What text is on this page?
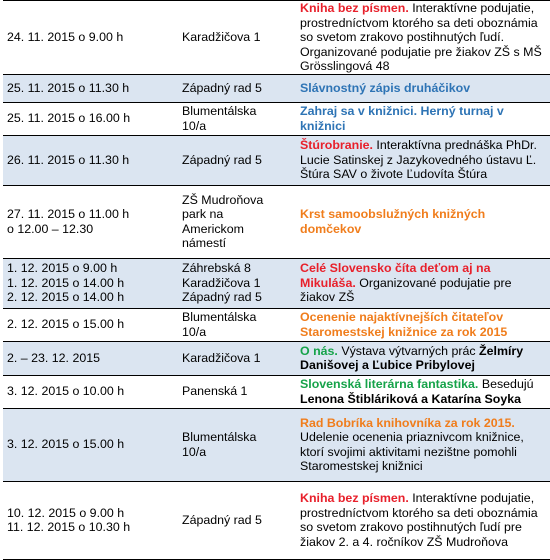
24. 11. 2015 o 9.00 h	Karadžičova 1	Kniha bez písmen. Interaktívne podujatie,
prostredníctvom ktorého sa deti oboznámia
so svetom zrakovo postihnutých ľudí.
Organizované podujatie pre žiakov ZŠ s MŠ
Grösslingová 48

25. 11. 2015 o 11.30 h	Západný rad 5	Slávnostný zápis druháčikov

25. 11. 2015 o 16.00 h	Blumentálska
10/a	Zahraj sa v knižnici. Herný turnaj v
knižnici

26. 11. 2015 o 11.30 h	Západný rad 5	Štúrobranie. Interaktívna prednáška PhDr.
Lucie Satinskej z Jazykovedného ústavu Ľ.
Štúra SAV o živote Ľudovíta Štúra

27. 11. 2015 o 11.00 h
o 12.00 – 12.30	ZŠ Mudroňova
park na
Americkom
námestí	Krst samoobslužných knižných
domčekov

1. 12. 2015 o 9.00 h
1. 12. 2015 o 14.00 h
2. 12. 2015 o 14.00 h	Záhrebská 8
Karadžičova 1
Západný rad 5	Celé Slovensko číta deťom aj na
Mikuláša. Organizované podujatie pre
žiakov ZŠ

2. 12. 2015 o 15.00 h	Blumentálska
10/a	Ocenenie najaktívnejších čitateľov
Staromestskej knižnice za rok 2015

2. – 23. 12. 2015	Karadžičova 1	O nás. Výstava výtvarných prác Želmíry
Danišovej a Ľubice Pribylovej

3. 12. 2015 o 10.00 h	Panenská 1	Slovenská literárna fantastika. Besedujú
Lenona Štibláriková a Katarína Soyka

3. 12. 2015 o 15.00 h	Blumentálska
10/a	Rad Bobríka knihovníka za rok 2015.
Udelenie ocenenia priaznivcom knižnice,
ktorí svojimi aktivitami nezištne pomohli
Staromestskej knižnici

10. 12. 2015 o 9.00 h
11. 12. 2015 o 10.30 h	Západný rad 5	Kniha bez písmen. Interaktívne podujatie,
prostredníctvom ktorého sa deti oboznámia
so svetom zrakovo postihnutých ľudí pre
žiakov 2. a 4. ročníkov ZŠ Mudroňova
